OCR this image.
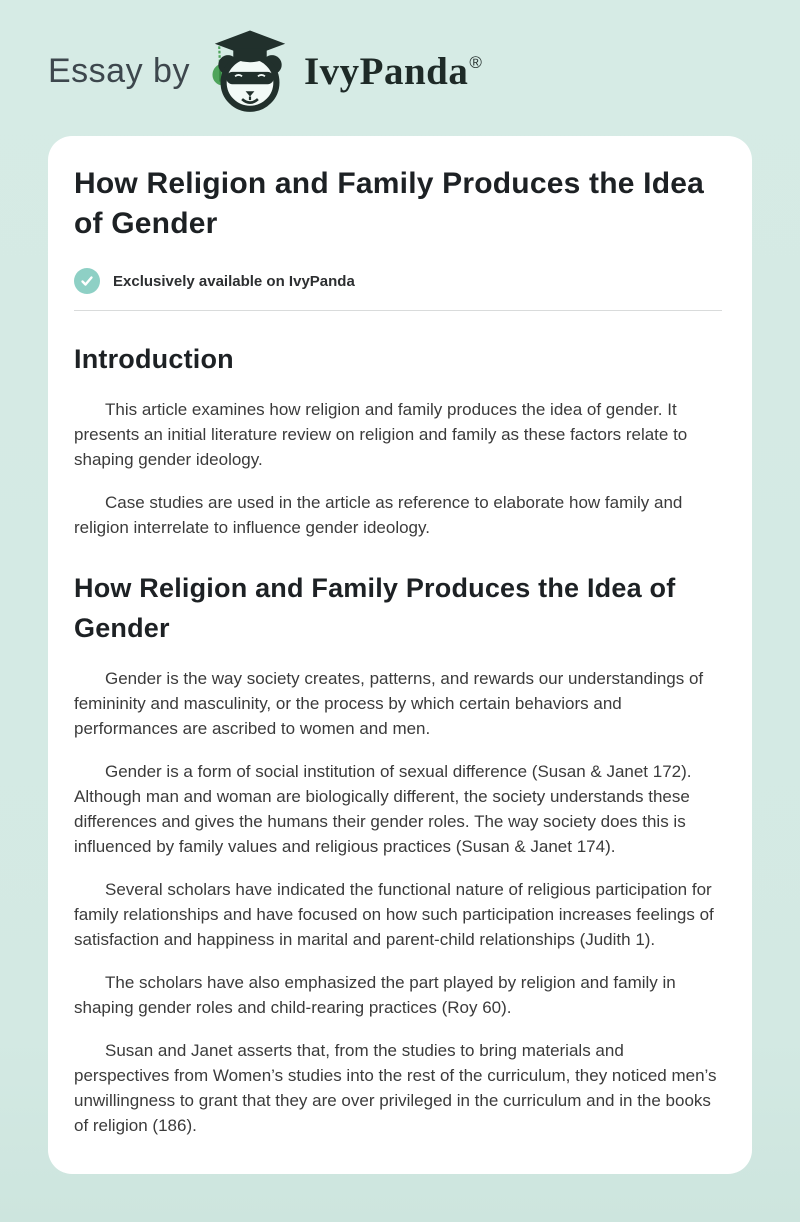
Essay by	IvyPanda®
How Religion and Family Produces the Idea of Gender
Exclusively available on IvyPanda
Introduction

This article examines how religion and family produces the idea of gender. It presents an initial literature review on religion and family as these factors relate to shaping gender ideology.

Case studies are used in the article as reference to elaborate how family and religion interrelate to influence gender ideology.

How Religion and Family Produces the Idea of Gender

Gender is the way society creates, patterns, and rewards our understandings of femininity and masculinity, or the process by which certain behaviors and performances are ascribed to women and men.

Gender is a form of social institution of sexual difference (Susan & Janet 172). Although man and woman are biologically different, the society understands these differences and gives the humans their gender roles. The way society does this is influenced by family values and religious practices (Susan & Janet 174).

Several scholars have indicated the functional nature of religious participation for family relationships and have focused on how such participation increases feelings of satisfaction and happiness in marital and parent-child relationships (Judith 1).

The scholars have also emphasized the part played by religion and family in shaping gender roles and child-rearing practices (Roy 60).

Susan and Janet asserts that, from the studies to bring materials and perspectives from Women’s studies into the rest of the curriculum, they noticed men’s unwillingness to grant that they are over privileged in the curriculum and in the books of religion (186).
